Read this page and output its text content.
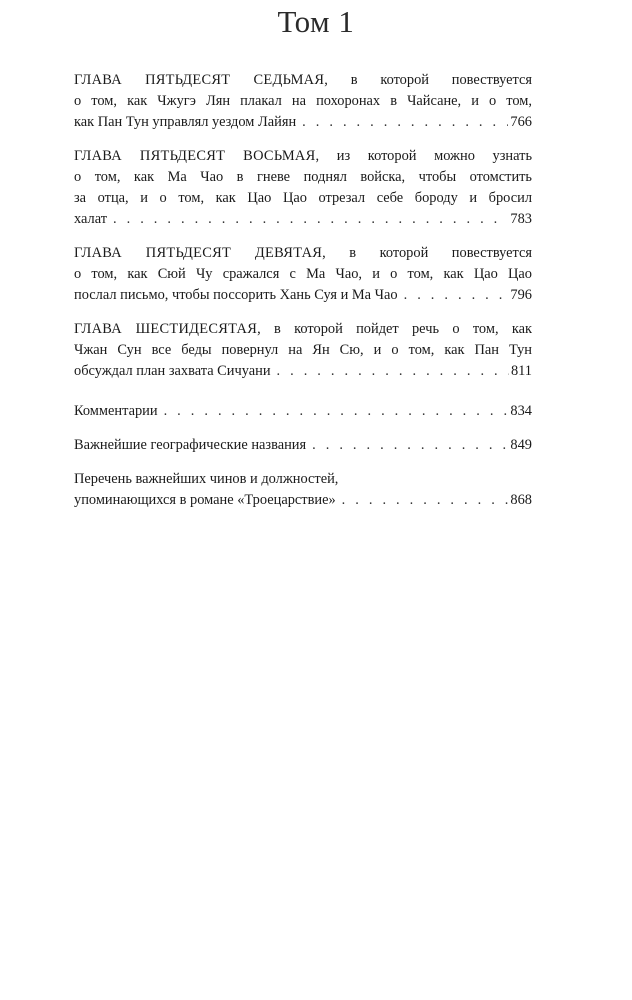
Том 1
ГЛАВА ПЯТЬДЕСЯТ СЕДЬМАЯ, в которой повествуется
о том, как Чжугэ Лян плакал на похоронах в Чайсане, и о том,
как Пан Тун управлял уездом Лайян . . .	766
ГЛАВА ПЯТЬДЕСЯТ ВОСЬМАЯ, из которой можно узнать
о том, как Ма Чао в гневе поднял войска, чтобы отомстить
за отца, и о том, как Цао Цао отрезал себе бороду и бросил
халат . . .	783
ГЛАВА ПЯТЬДЕСЯТ ДЕВЯТАЯ, в которой повествуется
о том, как Сюй Чу сражался с Ма Чао, и о том, как Цао Цао
послал письмо, чтобы поссорить Хань Суя и Ма Чао . . .	796
ГЛАВА ШЕСТИДЕСЯТАЯ, в которой пойдет речь о том, как
Чжан Сун все беды повернул на Ян Сю, и о том, как Пан Тун
обсуждал план захвата Сичуани . . .	811
Комментарии . . .	834
Важнейшие географические названия . . .	849
Перечень важнейших чинов и должностей,
упоминающихся в романе «Троецарствие» . . .	868
